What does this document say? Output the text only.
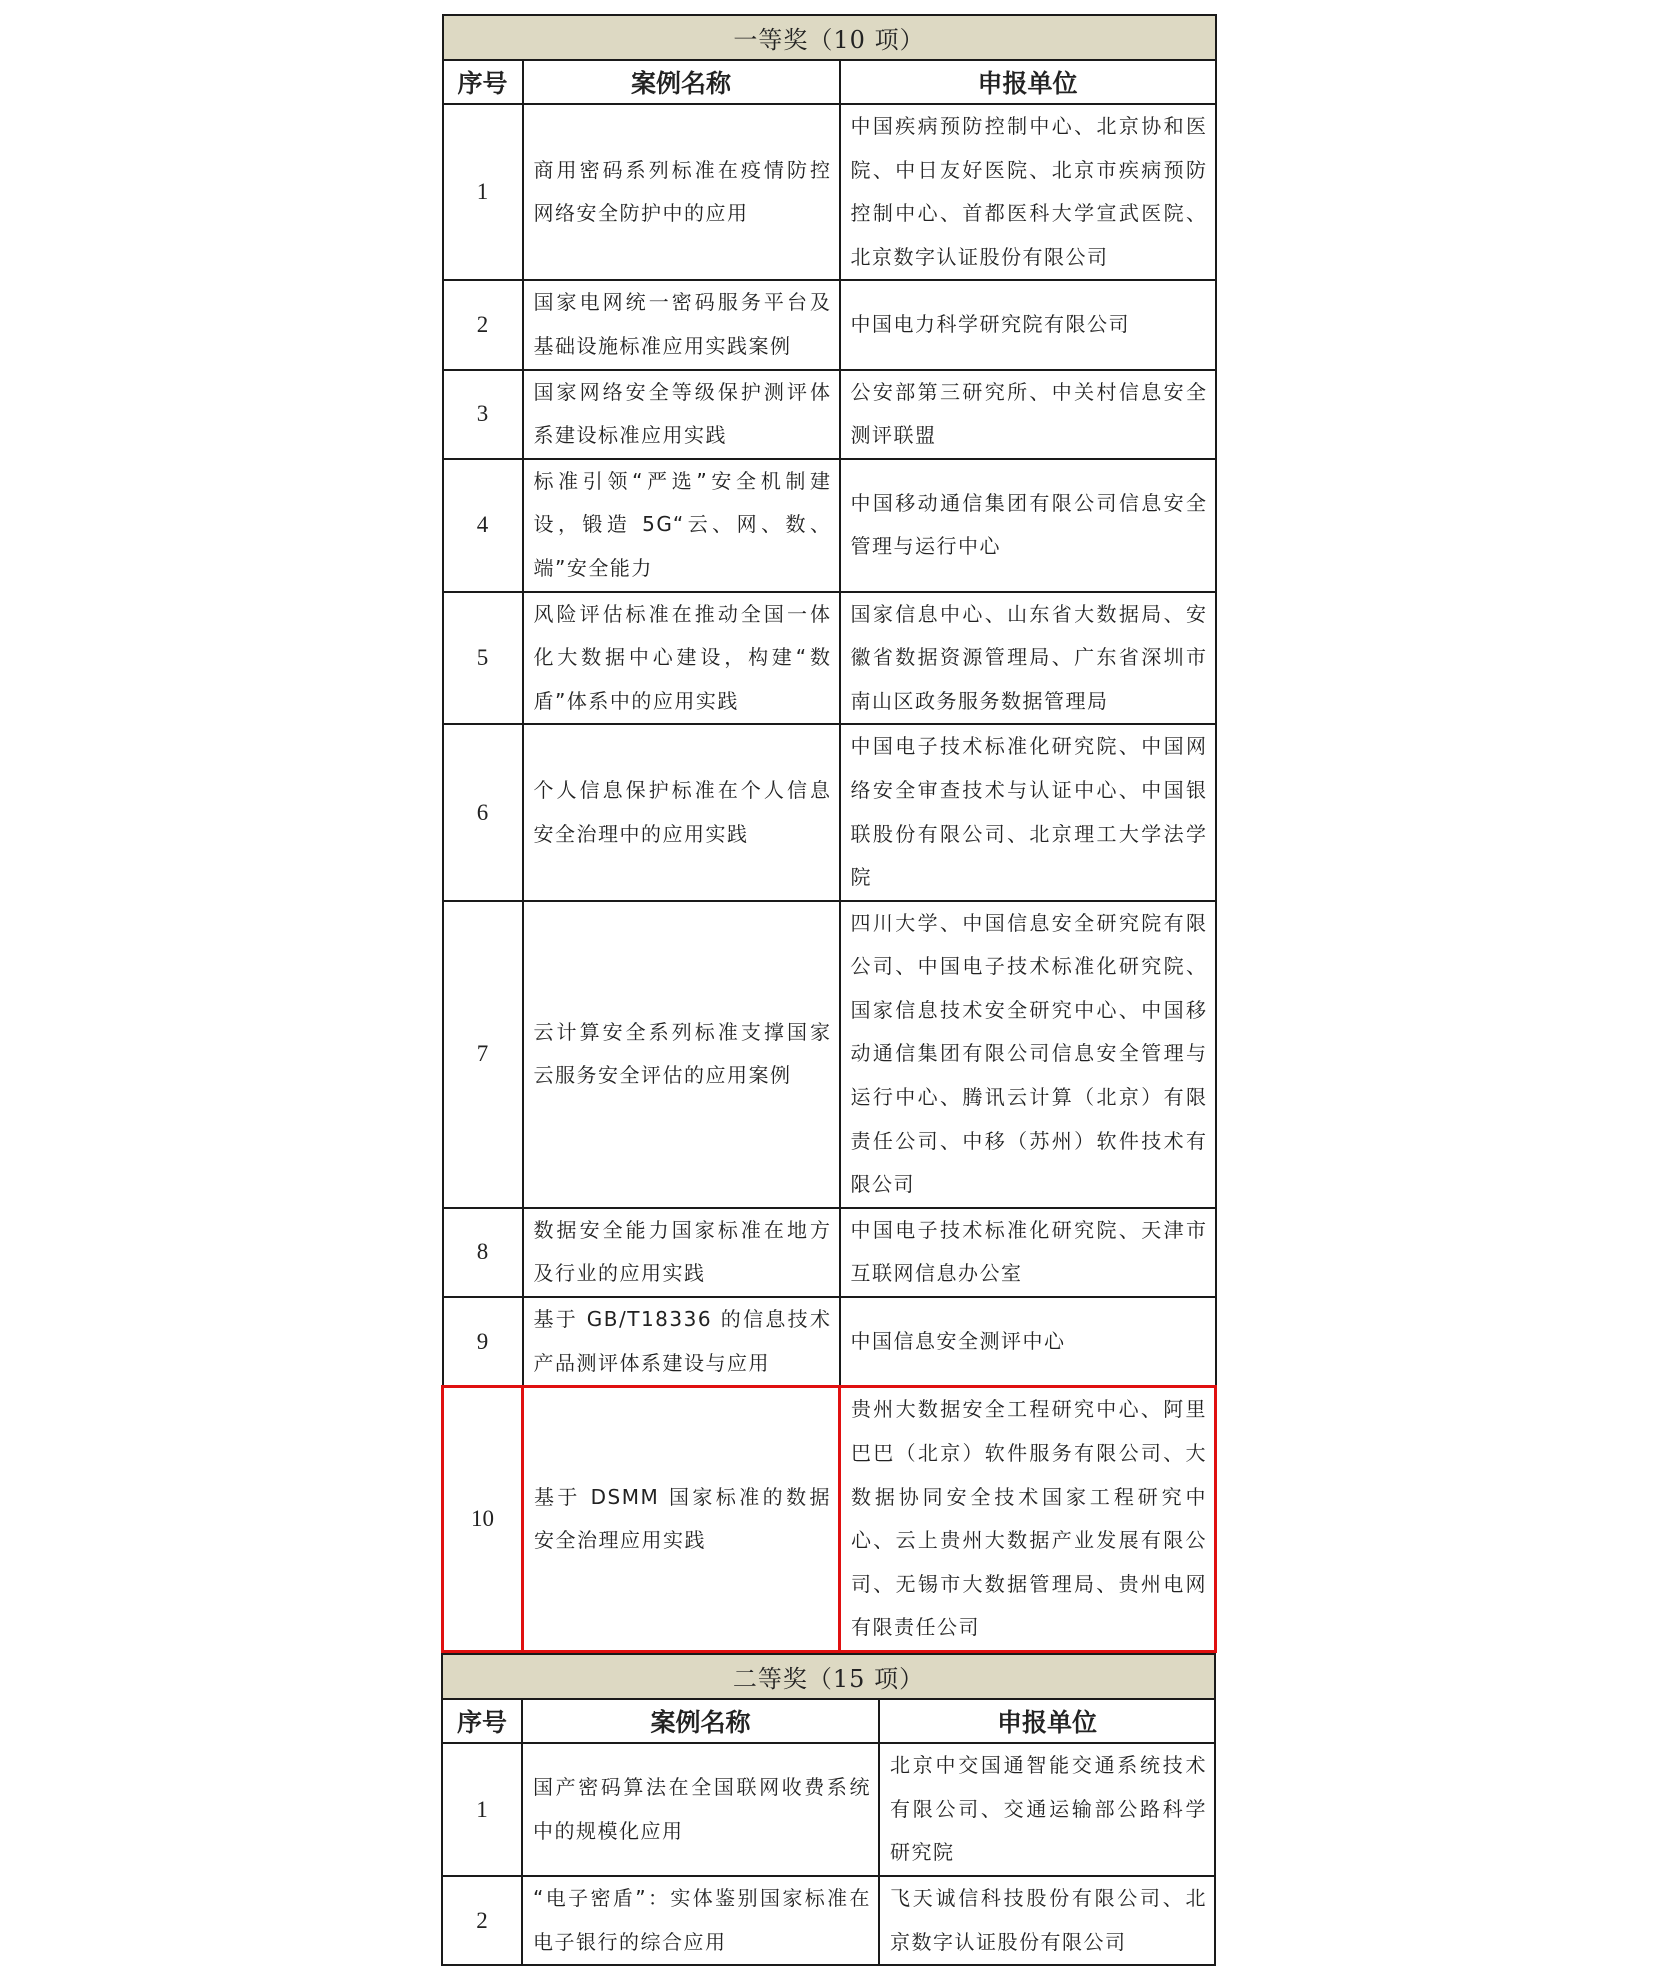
一等奖（10 项）		
序号	案例名称	申报单位
1	商用密码系列标准在疫情防控网络安全防护中的应用	中国疾病预防控制中心、北京协和医院、中日友好医院、北京市疾病预防控制中心、首都医科大学宣武医院、北京数字认证股份有限公司
2	国家电网统一密码服务平台及基础设施标准应用实践案例	中国电力科学研究院有限公司
3	国家网络安全等级保护测评体系建设标准应用实践	公安部第三研究所、中关村信息安全测评联盟
4	标准引领“严选”安全机制建设，锻造 5G“云、网、数、端”安全能力	中国移动通信集团有限公司信息安全管理与运行中心
5	风险评估标准在推动全国一体化大数据中心建设，构建“数盾”体系中的应用实践	国家信息中心、山东省大数据局、安徽省数据资源管理局、广东省深圳市南山区政务服务数据管理局
6	个人信息保护标准在个人信息安全治理中的应用实践	中国电子技术标准化研究院、中国网络安全审查技术与认证中心、中国银联股份有限公司、北京理工大学法学院
7	云计算安全系列标准支撑国家云服务安全评估的应用案例	四川大学、中国信息安全研究院有限公司、中国电子技术标准化研究院、国家信息技术安全研究中心、中国移动通信集团有限公司信息安全管理与运行中心、腾讯云计算（北京）有限责任公司、中移（苏州）软件技术有限公司
8	数据安全能力国家标准在地方及行业的应用实践	中国电子技术标准化研究院、天津市互联网信息办公室
9	基于 GB/T18336 的信息技术产品测评体系建设与应用	中国信息安全测评中心
10	基于 DSMM 国家标准的数据安全治理应用实践	贵州大数据安全工程研究中心、阿里巴巴（北京）软件服务有限公司、大数据协同安全技术国家工程研究中心、云上贵州大数据产业发展有限公司、无锡市大数据管理局、贵州电网有限责任公司
二等奖（15 项）		
序号	案例名称	申报单位
1	国产密码算法在全国联网收费系统中的规模化应用	北京中交国通智能交通系统技术有限公司、交通运输部公路科学研究院
2	“电子密盾”：实体鉴别国家标准在电子银行的综合应用	飞天诚信科技股份有限公司、北京数字认证股份有限公司
